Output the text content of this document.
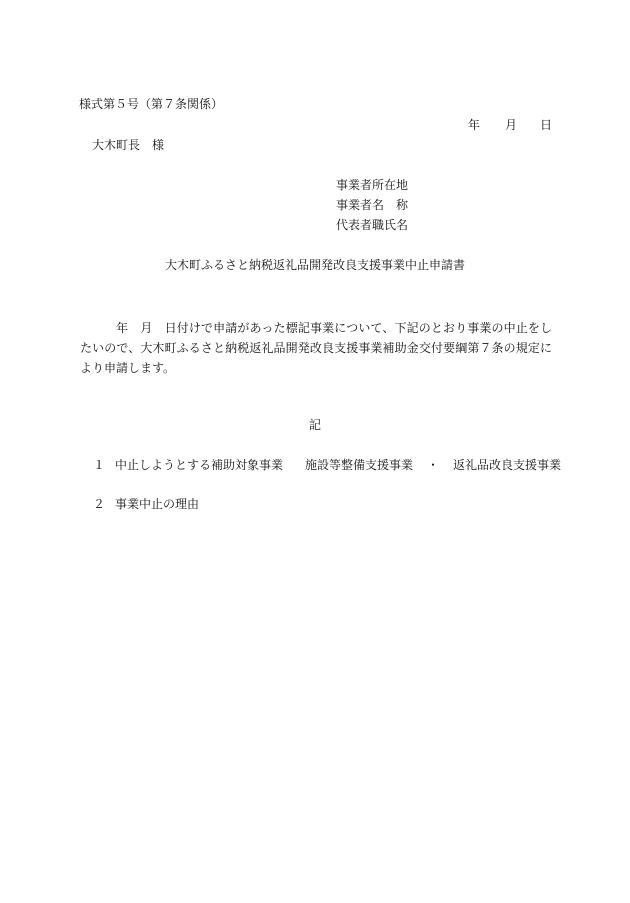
様式第５号（第７条関係）
年 月 日
大木町長　様
事業者所在地
事業者名　称
代表者職氏名
大木町ふるさと納税返礼品開発改良支援事業中止申請書
年　月　日付けで申請があった標記事業について、下記のとおり事業の中止をしたいので、大木町ふるさと納税返礼品開発改良支援事業補助金交付要綱第７条の規定により申請します。
記
１ 中止しようとする補助対象事業 施設等整備支援事業 ・ 返礼品改良支援事業
２ 事業中止の理由
